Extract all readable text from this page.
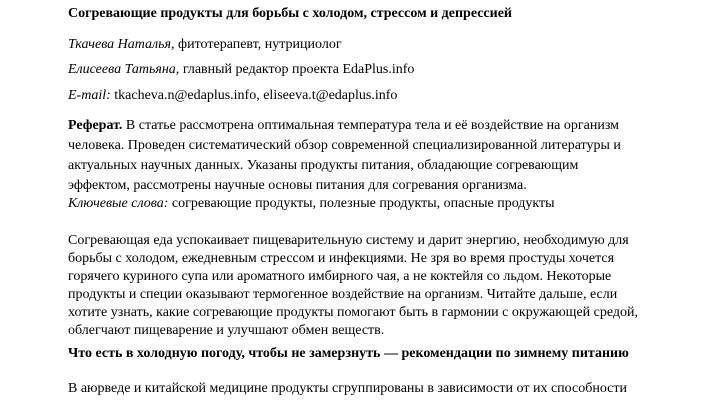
Согревающие продукты для борьбы с холодом, стрессом и депрессией
Ткачева Наталья, фитотерапевт, нутрициолог
Елисеева Татьяна, главный редактор проекта EdaPlus.info
E-mail: tkacheva.n@edaplus.info, eliseeva.t@edaplus.info
Реферат. В статье рассмотрена оптимальная температура тела и её воздействие на организм
человека. Проведен систематический обзор современной специализированной литературы и
актуальных научных данных. Указаны продукты питания, обладающие согревающим
эффектом, рассмотрены научные основы питания для согревания организма.
Ключевые слова: согревающие продукты, полезные продукты, опасные продукты
Согревающая еда успокаивает пищеварительную систему и дарит энергию, необходимую для
борьбы с холодом, ежедневным стрессом и инфекциями. Не зря во время простуды хочется
горячего куриного супа или ароматного имбирного чая, а не коктейля со льдом. Некоторые
продукты и специи оказывают термогенное воздействие на организм. Читайте дальше, если
хотите узнать, какие согревающие продукты помогают быть в гармонии с окружающей средой,
облегчают пищеварение и улучшают обмен веществ.
Что есть в холодную погоду, чтобы не замерзнуть — рекомендации по зимнему питанию
В аюрведе и китайской медицине продукты сгруппированы в зависимости от их способности
